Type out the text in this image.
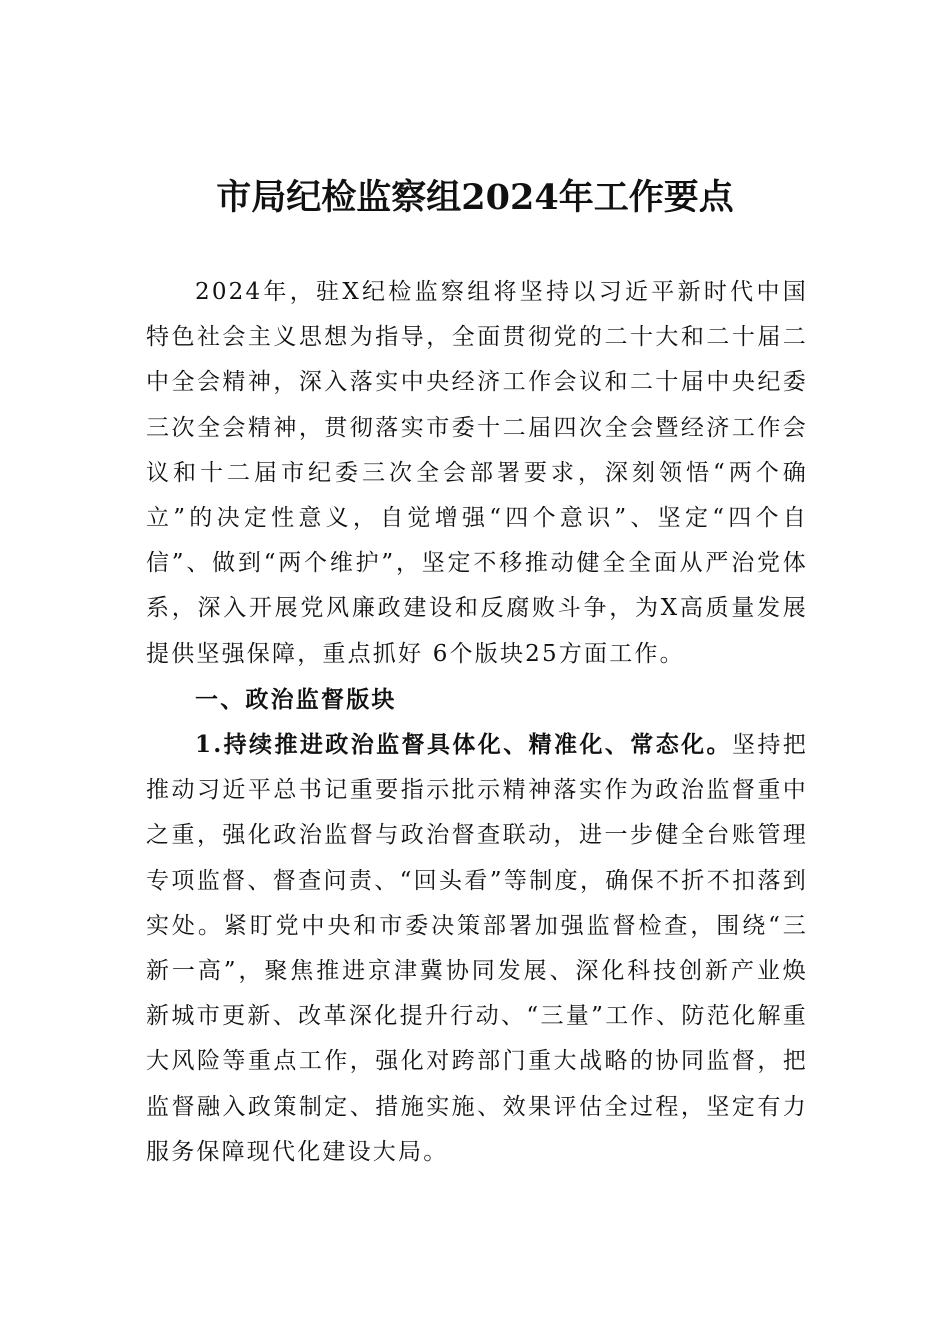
市局纪检监察组2024年工作要点

2024年，驻X纪检监察组将坚持以习近平新时代中国特色社会主义思想为指导，全面贯彻党的二十大和二十届二中全会精神，深入落实中央经济工作会议和二十届中央纪委三次全会精神，贯彻落实市委十二届四次全会暨经济工作会议和十二届市纪委三次全会部署要求，深刻领悟“两个确立”的决定性意义，自觉增强“四个意识”、坚定“四个自信”、做到“两个维护”，坚定不移推动健全全面从严治党体系，深入开展党风廉政建设和反腐败斗争，为X高质量发展提供坚强保障，重点抓好 6个版块25方面工作。

一、政治监督版块

1.持续推进政治监督具体化、精准化、常态化。坚持把推动习近平总书记重要指示批示精神落实作为政治监督重中之重，强化政治监督与政治督查联动，进一步健全台账管理专项监督、督查问责、“回头看”等制度，确保不折不扣落到实处。紧盯党中央和市委决策部署加强监督检查，围绕“三新一高”，聚焦推进京津冀协同发展、深化科技创新产业焕新城市更新、改革深化提升行动、“三量”工作、防范化解重大风险等重点工作，强化对跨部门重大战略的协同监督，把监督融入政策制定、措施实施、效果评估全过程，坚定有力服务保障现代化建设大局。
